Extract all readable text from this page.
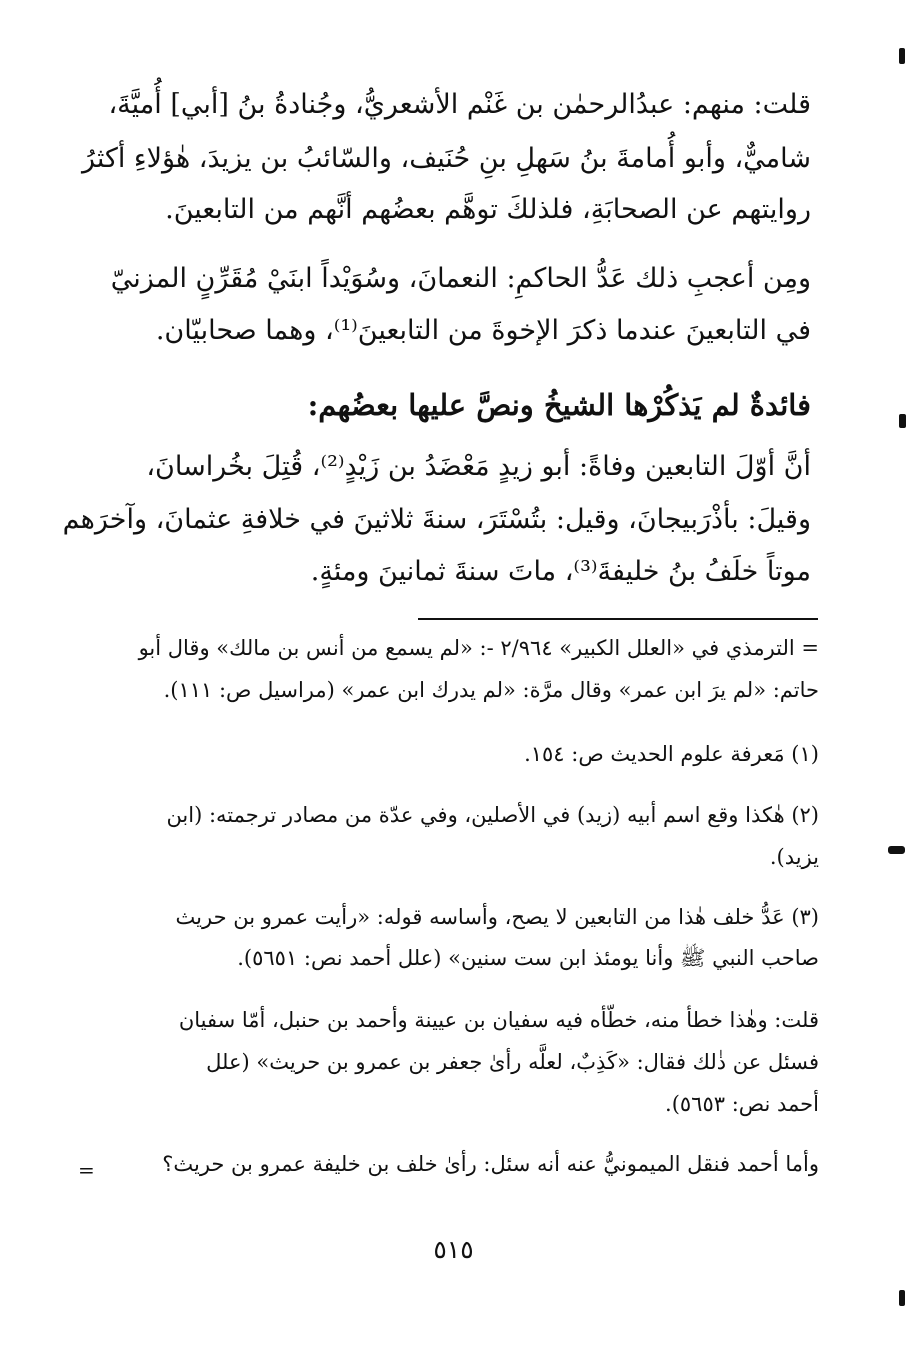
قلت: منهم: عبدُالرحمٰن بن غَنْم الأشعريُّ، وجُنادةُ بنُ [أبي] أُميَّةَ،
شاميٌّ، وأبو أُمامةَ بنُ سَهلِ بنِ حُنَيف، والسّائبُ بن يزيدَ، هٰؤلاءِ أكثرُ
روايتهم عن الصحابَةِ، فلذلكَ توهَّم بعضُهم أنَّهم من التابعينَ.
ومِن أعجبِ ذلك عَدُّ الحاكمِ: النعمانَ، وسُوَيْداً ابنَيْ مُقَرِّنٍ المزنيّ
في التابعينَ عندما ذكرَ الإخوةَ من التابعينَ⁽¹⁾، وهما صحابيّان.
فائدةٌ لم يَذكُرْها الشيخُ ونصَّ عليها بعضُهم:
أنَّ أوّلَ التابعين وفاةً: أبو زيدٍ مَعْضَدُ بن زَيْدٍ⁽²⁾، قُتِلَ بخُراسانَ،
وقيلَ: بأذْرَبيجانَ، وقيل: بتُسْتَرَ، سنةَ ثلاثينَ في خلافةِ عثمانَ، وآخرَهم
موتاً خلَفُ بنُ خليفةَ⁽³⁾، ماتَ سنةَ ثمانينَ ومئةٍ.
= الترمذي في «العلل الكبير» ٢/٩٦٤ -: «لم يسمع من أنس بن مالك» وقال أبو
حاتم: «لم يرَ ابن عمر» وقال مرَّة: «لم يدرك ابن عمر» (مراسيل ص: ١١١).
(١) مَعرفة علوم الحديث ص: ١٥٤.
(٢) هٰكذا وقع اسم أبيه (زيد) في الأصلين، وفي عدّة من مصادر ترجمته: (ابن
يزيد).
(٣) عَدُّ خلف هٰذا من التابعين لا يصح، وأساسه قوله: «رأيت عمرو بن حريث
صاحب النبي ﷺ وأنا يومئذ ابن ست سنين» (علل أحمد نص: ٥٦٥١).
قلت: وهٰذا خطأ منه، خطّأه فيه سفيان بن عيينة وأحمد بن حنبل، أمّا سفيان
فسئل عن ذٰلك فقال: «كَذِبٌ، لعلَّه رأىٰ جعفر بن عمرو بن حريث» (علل
أحمد نص: ٥٦٥٣).
وأما أحمد فنقل الميمونيُّ عنه أنه سئل: رأىٰ خلف بن خليفة عمرو بن حريث؟
=
٥١٥
